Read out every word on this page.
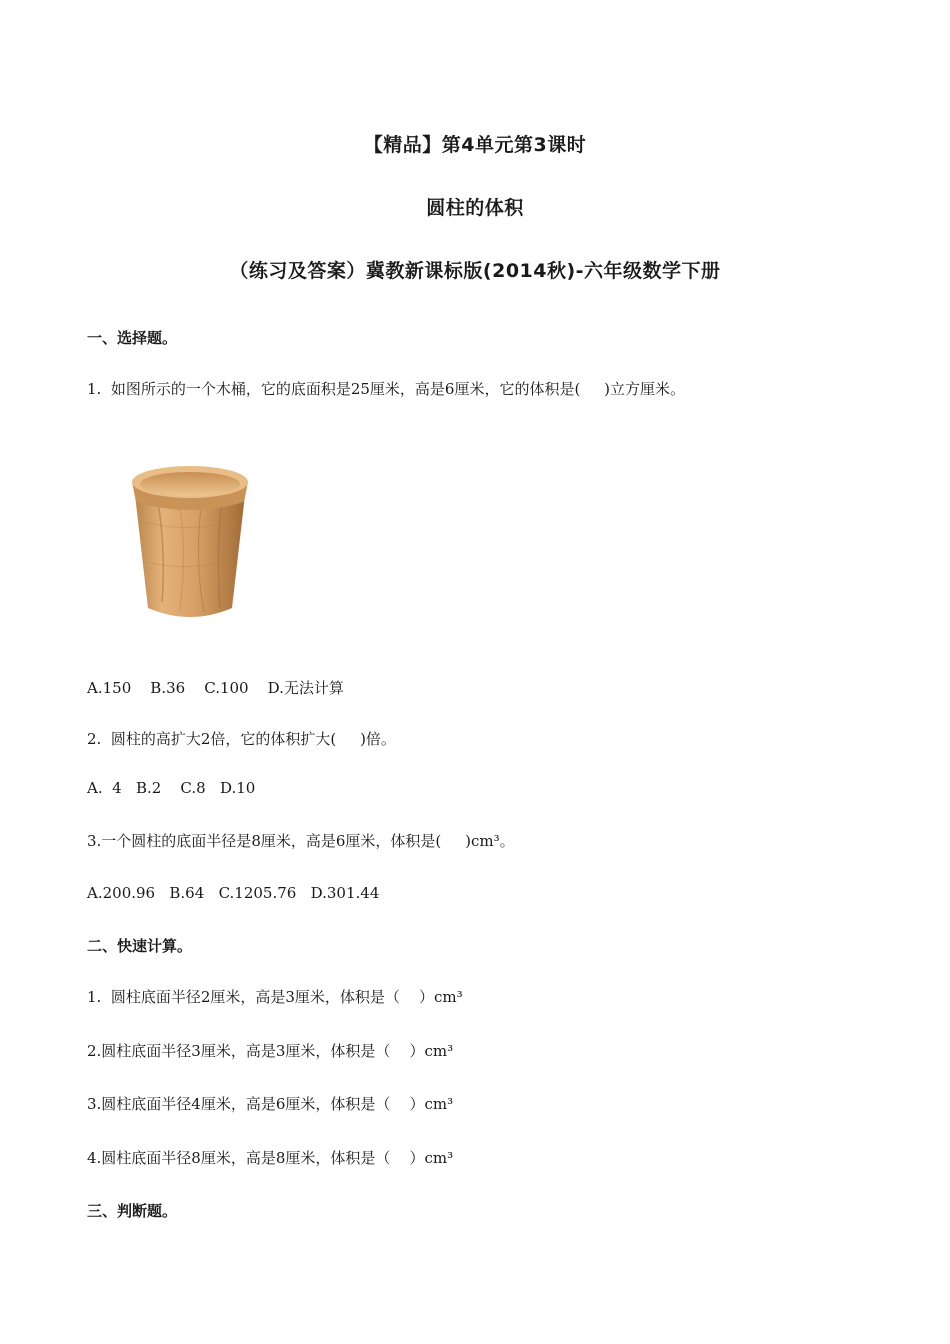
【精品】第4单元第3课时
圆柱的体积
（练习及答案）冀教新课标版(2014秋)-六年级数学下册
一、选择题。
1.  如图所示的一个木桶，它的底面积是25厘米，高是6厘米，它的体积是(     )立方厘米。
A.150    B.36    C.100    D.无法计算
2.  圆柱的高扩大2倍，它的体积扩大(     )倍。
A.  4   B.2    C.8   D.10
3.一个圆柱的底面半径是8厘米，高是6厘米，体积是(     )cm³。
A.200.96   B.64   C.1205.76   D.301.44
二、快速计算。
1.  圆柱底面半径2厘米，高是3厘米，体积是（    ）cm³
2.圆柱底面半径3厘米，高是3厘米，体积是（    ）cm³
3.圆柱底面半径4厘米，高是6厘米，体积是（    ）cm³
4.圆柱底面半径8厘米，高是8厘米，体积是（    ）cm³
三、判断题。
